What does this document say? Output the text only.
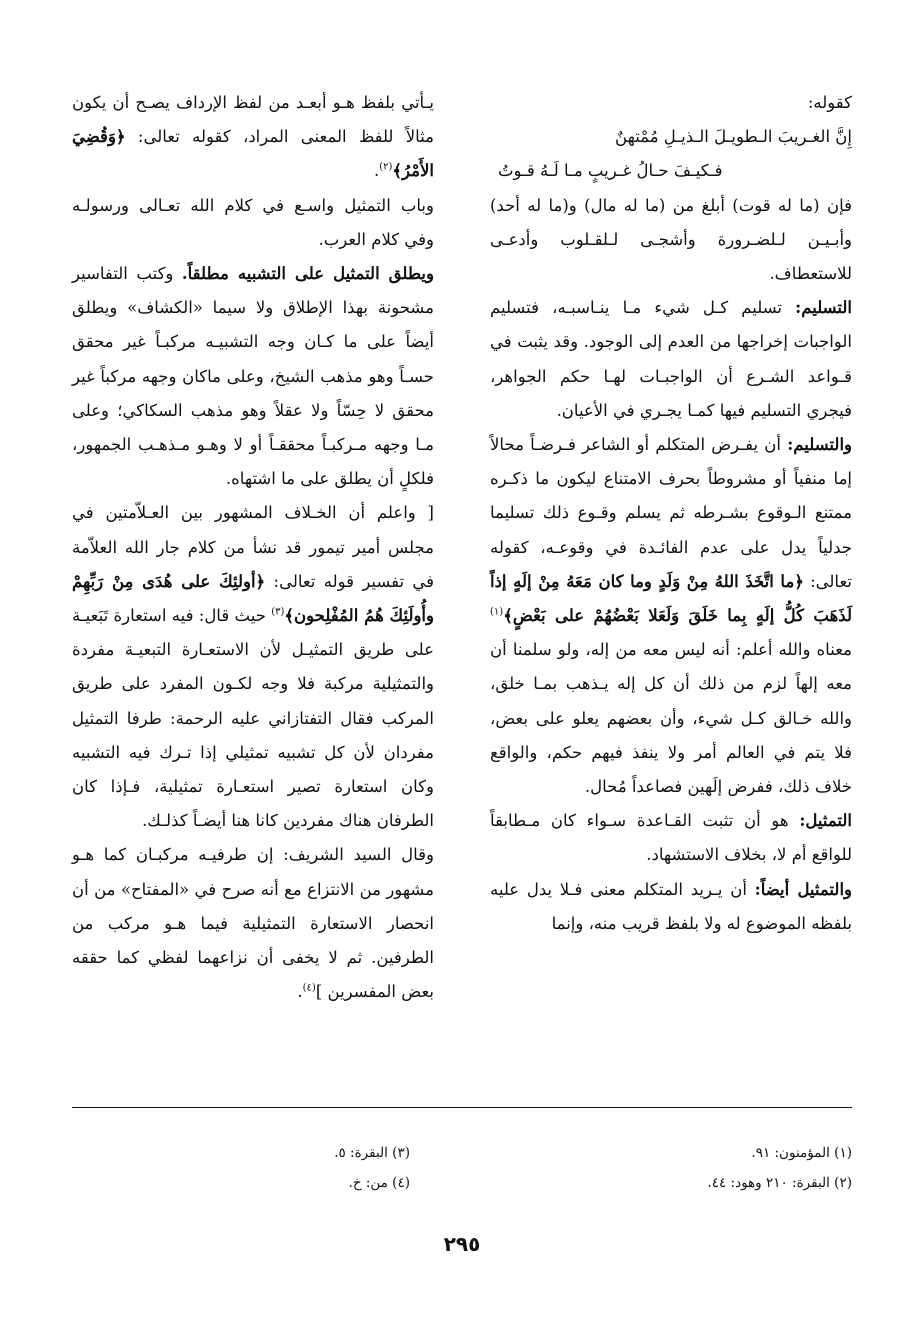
كقوله:

إِنَّ الغـريبَ الـطويـلَ الـذيـلِ مُمْتهنٌ
فـكيـفَ حـالُ غـريبٍ مـا لَـهُ قـوتُ

فإن (ما له قوت) أبلغ من (ما له مال) و(ما له أحد) وأبـيـن لـلضـرورة وأشجـى لـلقـلوب وأدعـى للاستعطاف.

التسليم: تسليم كـل شيء مـا ينـاسبـه، فتسليم الواجبات إخراجها من العدم إلى الوجود. وقد يثبت في قـواعد الشـرع أن الواجبـات لهـا حكم الجواهر، فيجري التسليم فيها كمـا يجـري في الأعيان.

والتسليم: أن يفـرض المتكلم أو الشاعر فـرضـاً محالاً إما منفياً أو مشروطاً بحرف الامتناع ليكون ما ذكـره ممتنع الـوقوع بشـرطه ثم يسلم وقـوع ذلك تسليما جدلياً يدل على عدم الفائـدة في وقوعـه، كقوله تعالى: ﴿ما اتَّخَذَ اللهُ مِنْ وَلَدٍ وما كان مَعَهُ مِنْ إلَهٍ إذاً لَذَهَبَ كُلُّ إلَهٍ بِما خَلَقَ وَلَعَلا بَعْضُهُمْ على بَعْضٍ﴾$^{(١)}$ معناه والله أعلم: أنه ليس معه من إله، ولو سلمنا أن معه إلهاً لزم من ذلك أن كل إله يـذهب بمـا خلق، والله خـالق كـل شيء، وأن بعضهم يعلو على بعض، فلا يتم في العالم أمر ولا ينفذ فيهم حكم، والواقع خلاف ذلك، ففرض إلَهين فصاعداً مُحال.

التمثيل: هو أن تثبت القـاعدة سـواء كان مـطابقاً للواقع أم لا، بخلاف الاستشهاد.

والتمثيل أيضاً: أن يـريد المتكلم معنى فـلا يدل عليه بلفظه الموضوع له ولا بلفظ قريب منه، وإنما

يـأتي بلفظ هـو أبعـد من لفظ الإرداف يصـح أن يكون مثالاً للفظ المعنى المراد، كقوله تعالى: ﴿وَقُضِيَ الأَمْرُ﴾$^{(٢)}$.

وباب التمثيل واسـع في كلام الله تعـالى ورسولـه وفي كلام العرب.

ويطلق التمثيل على التشبيه مطلقاً. وكتب التفاسير مشحونة بهذا الإطلاق ولا سيما «الكشاف» ويطلق أيضاً على ما كـان وجه التشبيـه مركبـاً غير محقق حسـاً وهو مذهب الشيخ، وعلى ماكان وجهه مركباً غير محقق لا حِسّاً ولا عقلاً وهو مذهب السكاكي؛ وعلى مـا وجهه مـركبـاً محققـاً أو لا وهـو مـذهـب الجمهور، فلكلٍ أن يطلق على ما اشتهاه.

[ واعلم أن الخـلاف المشهور بين العـلاّمتين في مجلس أمير تيمور قد نشأ من كلام جار الله العلاّمة في تفسير قوله تعالى: ﴿أولئِكَ على هُدَى مِنْ رَبِّهِمْ وأُولَئِكَ هُمُ المُفْلِحون﴾$^{(٣)}$ حيث قال: فيه استعارة تَبَعيـة على طريق التمثيـل لأن الاستعـارة التبعيـة مفردة والتمثيلية مركبة فلا وجه لكـون المفرد على طريق المركب فقال التفتازاني عليه الرحمة: طرفا التمثيل مفردان لأن كل تشبيه تمثيلي إذا تـرك فيه التشبيه وكان استعارة تصير استعـارة تمثيلية، فـإذا كان الطرفان هناك مفردين كانا هنا أيضـاً كذلـك.

وقال السيد الشريف: إن طرفيـه مركبـان كما هـو مشهور من الانتزاع مع أنه صرح في «المفتاح» من أن انحصار الاستعارة التمثيلية فيما هـو مركب من الطرفين. ثم لا يخفى أن نزاعهما لفظي كما حققه بعض المفسرين ]$^{(٤)}$.

(١) المؤمنون: ٩١.
(٢) البقرة: ٢١٠ وهود: ٤٤.
(٣) البقرة: ٥.
(٤) من: خ.
٢٩٥
